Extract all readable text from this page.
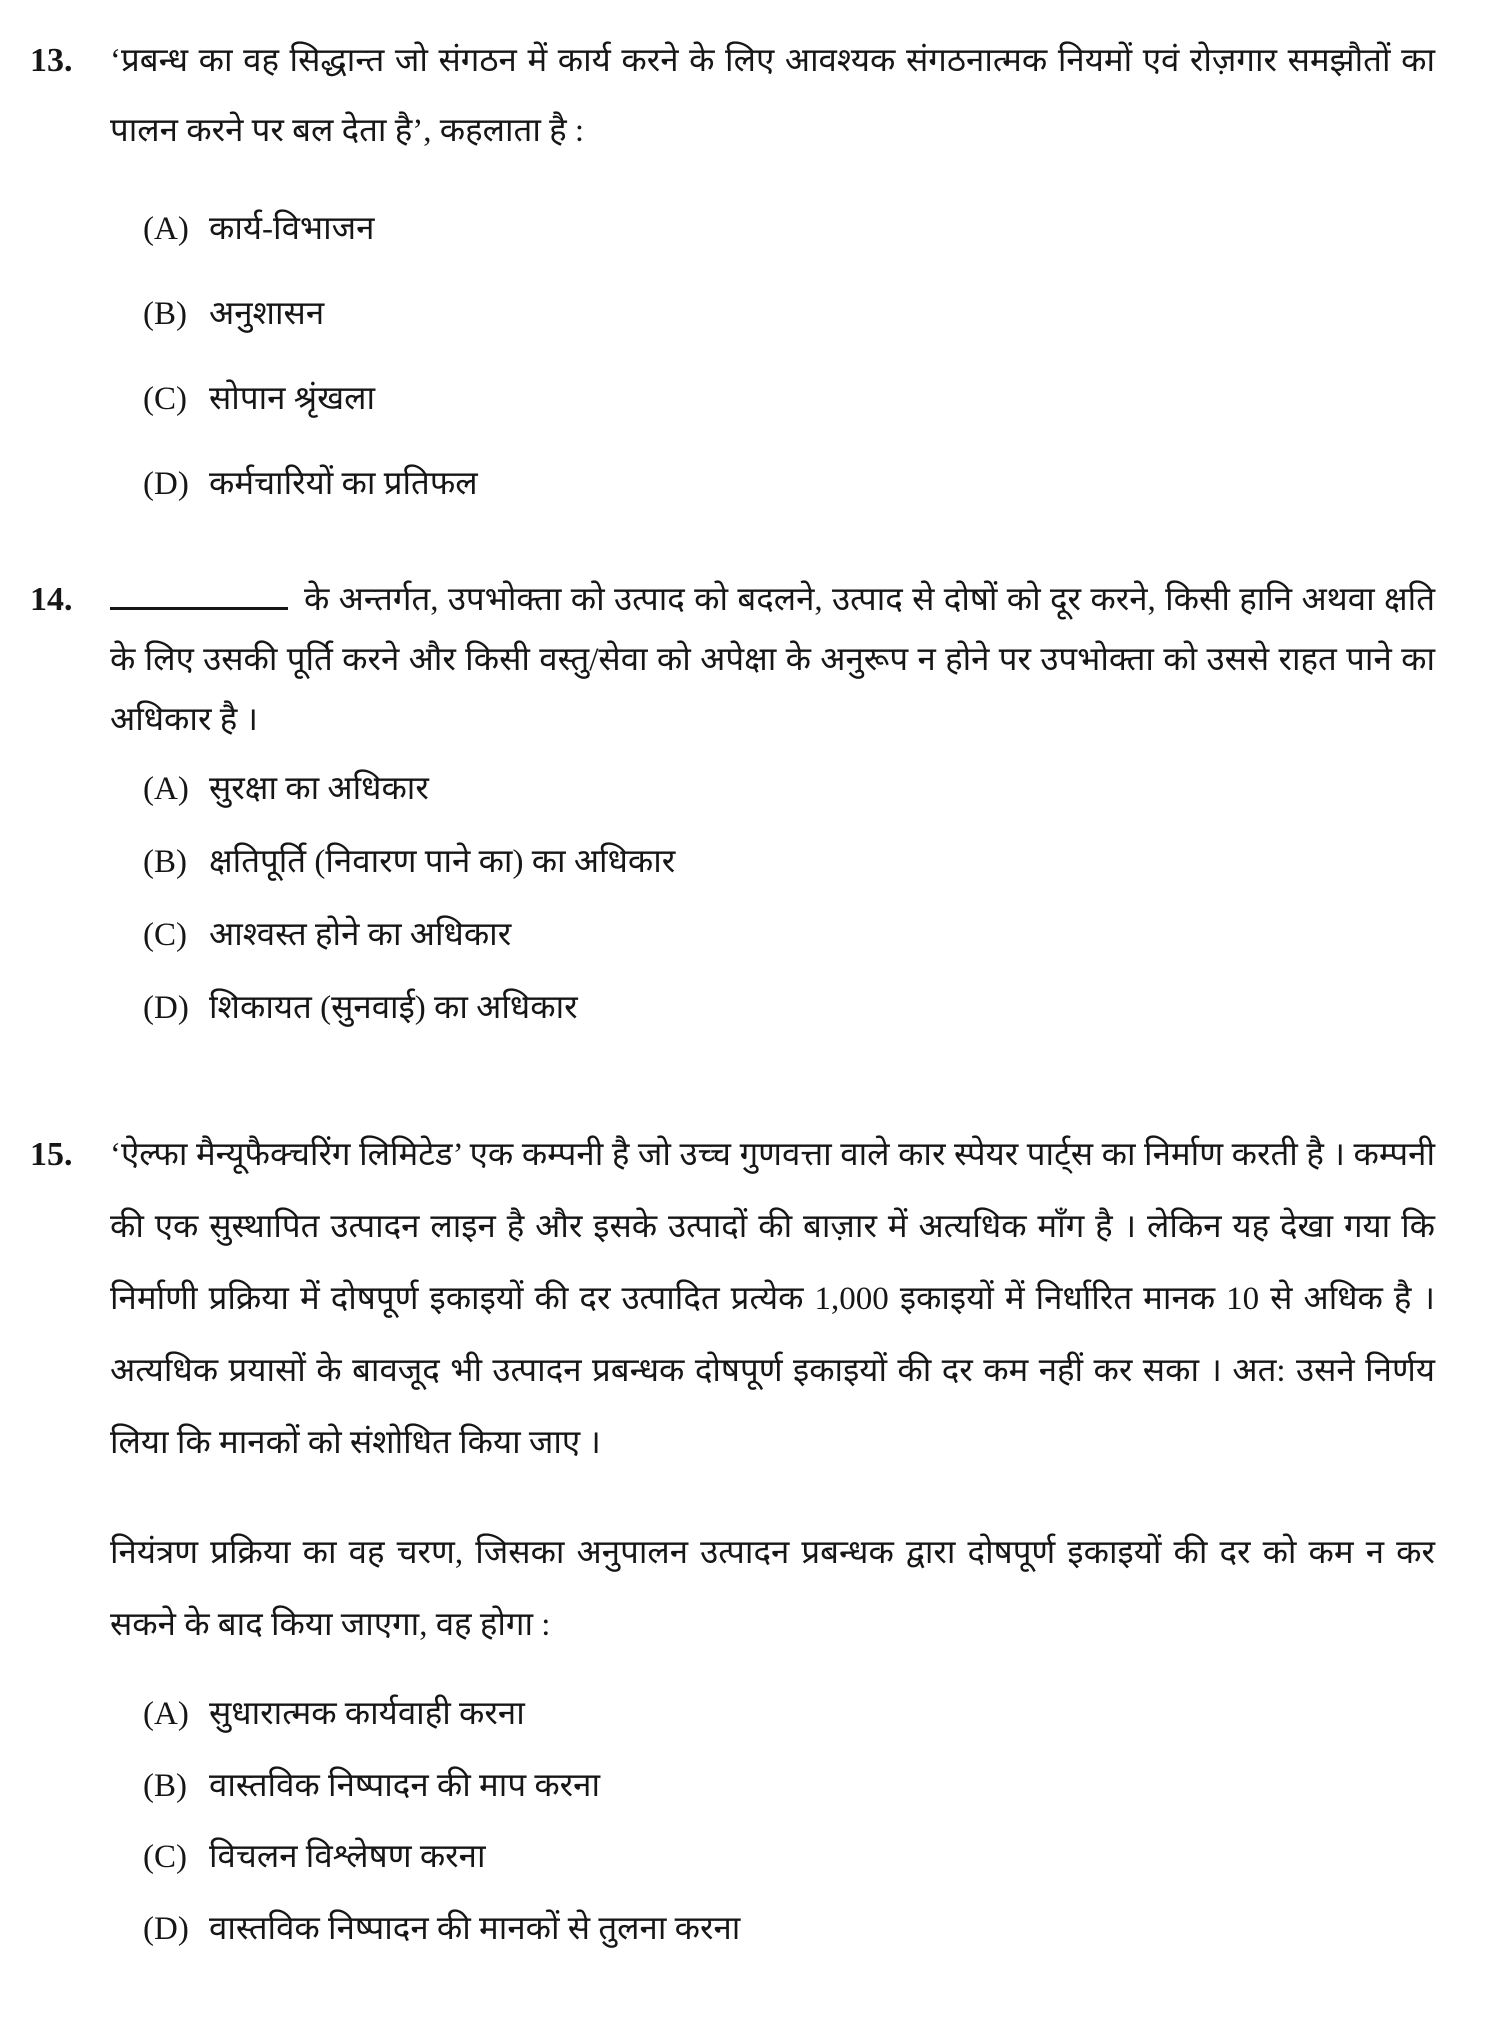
13.	‘प्रबन्ध का वह सिद्धान्त जो संगठन में कार्य करने के लिए आवश्यक संगठनात्मक नियमों एवं रोज़गार समझौतों का पालन करने पर बल देता है’, कहलाता है :

(A) कार्य-विभाजन
(B) अनुशासन
(C) सोपान श्रृंखला
(D) कर्मचारियों का प्रतिफल
14.	के अन्तर्गत, उपभोक्ता को उत्पाद को बदलने, उत्पाद से दोषों को दूर करने, किसी हानि अथवा क्षति के लिए उसकी पूर्ति करने और किसी वस्तु/सेवा को अपेक्षा के अनुरूप न होने पर उपभोक्ता को उससे राहत पाने का अधिकार है ।

(A) सुरक्षा का अधिकार
(B) क्षतिपूर्ति (निवारण पाने का) का अधिकार
(C) आश्वस्त होने का अधिकार
(D) शिकायत (सुनवाई) का अधिकार
15.	‘ऐल्फा मैन्यूफैक्चरिंग लिमिटेड’ एक कम्पनी है जो उच्च गुणवत्ता वाले कार स्पेयर पार्ट्स का निर्माण करती है । कम्पनी की एक सुस्थापित उत्पादन लाइन है और इसके उत्पादों की बाज़ार में अत्यधिक माँग है । लेकिन यह देखा गया कि निर्माणी प्रक्रिया में दोषपूर्ण इकाइयों की दर उत्पादित प्रत्येक 1,000 इकाइयों में निर्धारित मानक 10 से अधिक है । अत्यधिक प्रयासों के बावजूद भी उत्पादन प्रबन्धक दोषपूर्ण इकाइयों की दर कम नहीं कर सका । अत: उसने निर्णय लिया कि मानकों को संशोधित किया जाए ।

नियंत्रण प्रक्रिया का वह चरण, जिसका अनुपालन उत्पादन प्रबन्धक द्वारा दोषपूर्ण इकाइयों की दर को कम न कर सकने के बाद किया जाएगा, वह होगा :

(A) सुधारात्मक कार्यवाही करना
(B) वास्तविक निष्पादन की माप करना
(C) विचलन विश्लेषण करना
(D) वास्तविक निष्पादन की मानकों से तुलना करना
